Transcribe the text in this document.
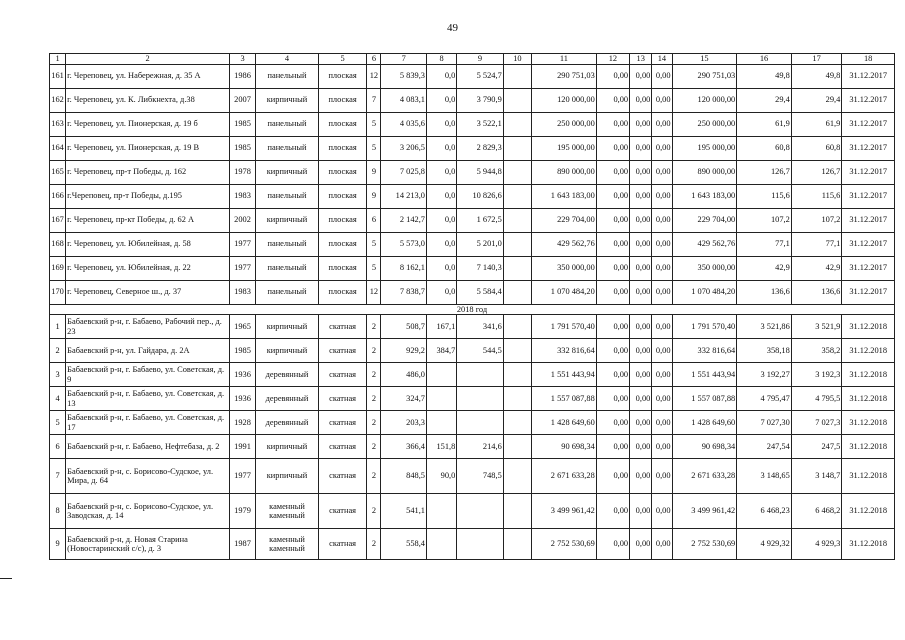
49
1	2	3	4	5	6	7	8	9	10	11	12	13	14	15	16	17	18
161	г. Череповец, ул. Набережная, д. 35 А	1986	панельный	плоская	12	5 839,3	0,0	5 524,7		290 751,03	0,00	0,00	0,00	290 751,03	49,8	49,8	31.12.2017
162	г. Череповец, ул. К. Либкнехта, д.38	2007	кирпичный	плоская	7	4 083,1	0,0	3 790,9		120 000,00	0,00	0,00	0,00	120 000,00	29,4	29,4	31.12.2017
163	г. Череповец, ул. Пионерская, д. 19 б	1985	панельный	плоская	5	4 035,6	0,0	3 522,1		250 000,00	0,00	0,00	0,00	250 000,00	61,9	61,9	31.12.2017
164	г. Череповец, ул. Пионерская, д. 19 В	1985	панельный	плоская	5	3 206,5	0,0	2 829,3		195 000,00	0,00	0,00	0,00	195 000,00	60,8	60,8	31.12.2017
165	г. Череповец, пр-т Победы, д. 162	1978	кирпичный	плоская	9	7 025,8	0,0	5 944,8		890 000,00	0,00	0,00	0,00	890 000,00	126,7	126,7	31.12.2017
166	г.Череповец, пр-т Победы, д.195	1983	панельный	плоская	9	14 213,0	0,0	10 826,6		1 643 183,00	0,00	0,00	0,00	1 643 183,00	115,6	115,6	31.12.2017
167	г. Череповец, пр-кт Победы, д. 62 А	2002	кирпичный	плоская	6	2 142,7	0,0	1 672,5		229 704,00	0,00	0,00	0,00	229 704,00	107,2	107,2	31.12.2017
168	г. Череповец, ул. Юбилейная, д. 58	1977	панельный	плоская	5	5 573,0	0,0	5 201,0		429 562,76	0,00	0,00	0,00	429 562,76	77,1	77,1	31.12.2017
169	г. Череповец, ул. Юбилейная, д. 22	1977	панельный	плоская	5	8 162,1	0,0	7 140,3		350 000,00	0,00	0,00	0,00	350 000,00	42,9	42,9	31.12.2017
170	г. Череповец, Северное ш., д. 37	1983	панельный	плоская	12	7 838,7	0,0	5 584,4		1 070 484,20	0,00	0,00	0,00	1 070 484,20	136,6	136,6	31.12.2017
2018 год																	
1	Бабаевский р-н, г. Бабаево, Рабочий пер., д. 23	1965	кирпичный	скатная	2	508,7	167,1	341,6		1 791 570,40	0,00	0,00	0,00	1 791 570,40	3 521,86	3 521,9	31.12.2018
2	Бабаевский р-н, ул. Гайдара, д. 2А	1985	кирпичный	скатная	2	929,2	384,7	544,5		332 816,64	0,00	0,00	0,00	332 816,64	358,18	358,2	31.12.2018
3	Бабаевский р-н, г. Бабаево, ул. Советская, д. 9	1936	деревянный	скатная	2	486,0				1 551 443,94	0,00	0,00	0,00	1 551 443,94	3 192,27	3 192,3	31.12.2018
4	Бабаевский р-н, г. Бабаево, ул. Советская, д. 13	1936	деревянный	скатная	2	324,7				1 557 087,88	0,00	0,00	0,00	1 557 087,88	4 795,47	4 795,5	31.12.2018
5	Бабаевский р-н, г. Бабаево, ул. Советская, д. 17	1928	деревянный	скатная	2	203,3				1 428 649,60	0,00	0,00	0,00	1 428 649,60	7 027,30	7 027,3	31.12.2018
6	Бабаевский р-н, г. Бабаево, Нефтебаза, д. 2	1991	кирпичный	скатная	2	366,4	151,8	214,6		90 698,34	0,00	0,00	0,00	90 698,34	247,54	247,5	31.12.2018
7	Бабаевский р-н, с. Борисово-Судское, ул. Мира, д. 64	1977	кирпичный	скатная	2	848,5	90,0	748,5		2 671 633,28	0,00	0,00	0,00	2 671 633,28	3 148,65	3 148,7	31.12.2018
8	Бабаевский р-н, с. Борисово-Судское, ул. Заводская, д. 14	1979	каменный каменный	скатная	2	541,1				3 499 961,42	0,00	0,00	0,00	3 499 961,42	6 468,23	6 468,2	31.12.2018
9	Бабаевский р-н, д. Новая Старина (Новостаринский с/с), д. 3	1987	каменный каменный	скатная	2	558,4				2 752 530,69	0,00	0,00	0,00	2 752 530,69	4 929,32	4 929,3	31.12.2018
